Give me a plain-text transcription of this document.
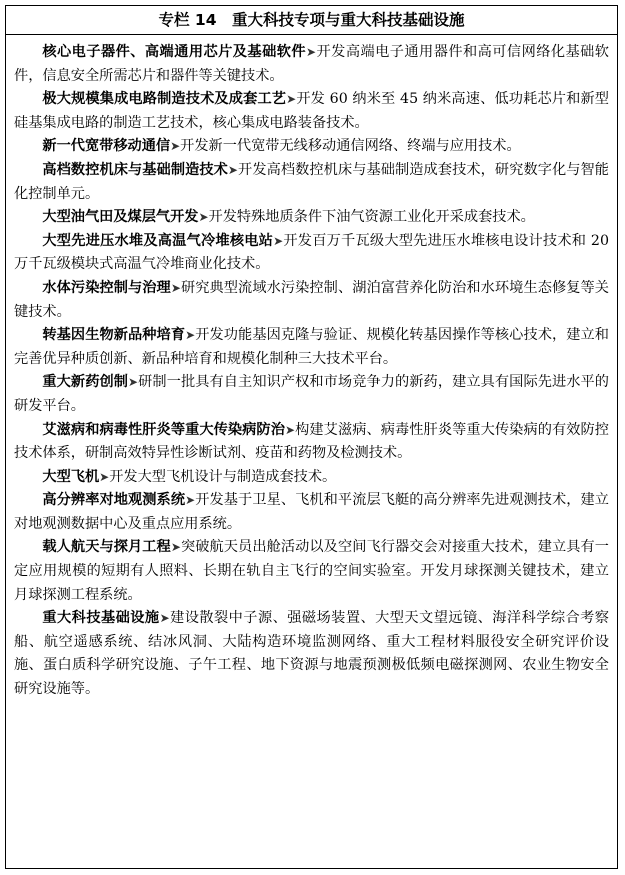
专栏 14　重大科技专项与重大科技基础设施

核心电子器件、高端通用芯片及基础软件➤开发高端电子通用器件和高可信网络化基础软件，信息安全所需芯片和器件等关键技术。

极大规模集成电路制造技术及成套工艺➤开发 60 纳米至 45 纳米高速、低功耗芯片和新型硅基集成电路的制造工艺技术，核心集成电路装备技术。

新一代宽带移动通信➤开发新一代宽带无线移动通信网络、终端与应用技术。

高档数控机床与基础制造技术➤开发高档数控机床与基础制造成套技术，研究数字化与智能化控制单元。

大型油气田及煤层气开发➤开发特殊地质条件下油气资源工业化开采成套技术。

大型先进压水堆及高温气冷堆核电站➤开发百万千瓦级大型先进压水堆核电设计技术和 20 万千瓦级模块式高温气冷堆商业化技术。

水体污染控制与治理➤研究典型流域水污染控制、湖泊富营养化防治和水环境生态修复等关键技术。

转基因生物新品种培育➤开发功能基因克隆与验证、规模化转基因操作等核心技术，建立和完善优异种质创新、新品种培育和规模化制种三大技术平台。

重大新药创制➤研制一批具有自主知识产权和市场竞争力的新药，建立具有国际先进水平的研发平台。

艾滋病和病毒性肝炎等重大传染病防治➤构建艾滋病、病毒性肝炎等重大传染病的有效防控技术体系，研制高效特异性诊断试剂、疫苗和药物及检测技术。

大型飞机➤开发大型飞机设计与制造成套技术。

高分辨率对地观测系统➤开发基于卫星、飞机和平流层飞艇的高分辨率先进观测技术，建立对地观测数据中心及重点应用系统。

载人航天与探月工程➤突破航天员出舱活动以及空间飞行器交会对接重大技术，建立具有一定应用规模的短期有人照料、长期在轨自主飞行的空间实验室。开发月球探测关键技术，建立月球探测工程系统。

重大科技基础设施➤建设散裂中子源、强磁场装置、大型天文望远镜、海洋科学综合考察船、航空遥感系统、结冰风洞、大陆构造环境监测网络、重大工程材料服役安全研究评价设施、蛋白质科学研究设施、子午工程、地下资源与地震预测极低频电磁探测网、农业生物安全研究设施等。
